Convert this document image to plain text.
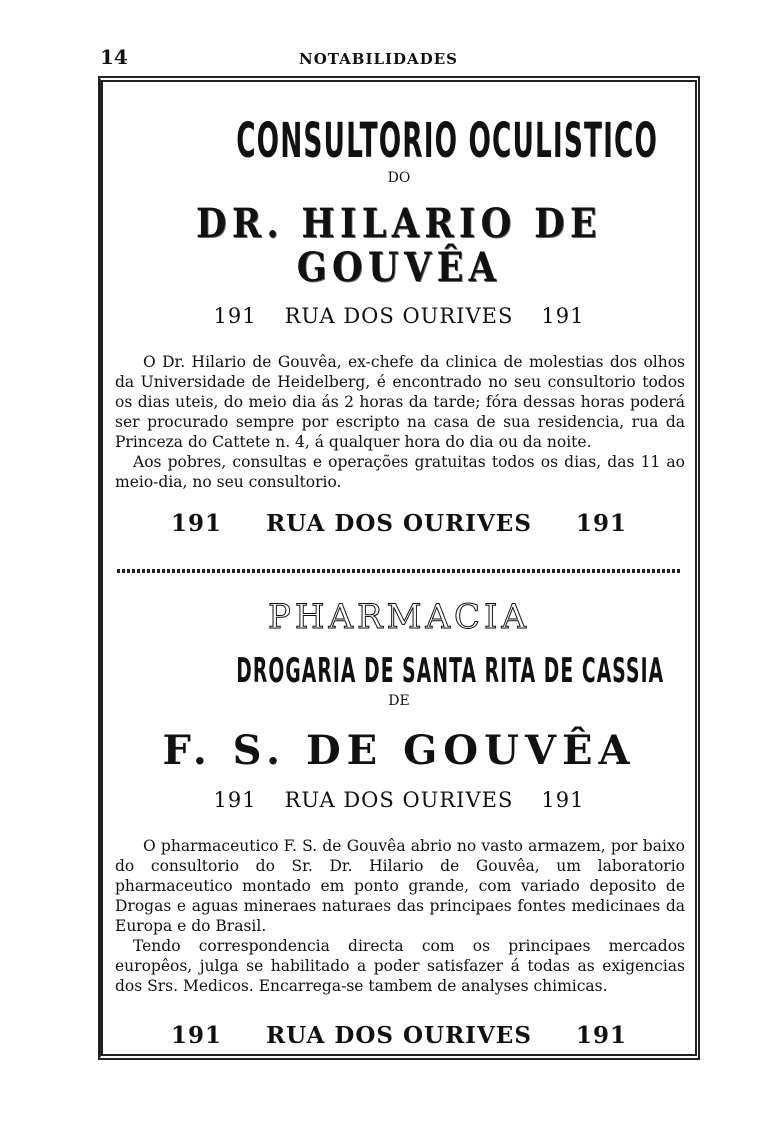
14	NOTABILIDADES
CONSULTORIO OCULISTICO
DO
DR. HILARIO DE GOUVÊA
191 RUA DOS OURIVES 191

O Dr. Hilario de Gouvêa, ex-chefe da clinica de molestias dos olhos da Universidade de Heidelberg, é encontrado no seu consultorio todos os dias uteis, do meio dia ás 2 horas da tarde; fóra dessas horas poderá ser procurado sempre por escripto na casa de sua residencia, rua da Princeza do Cattete n. 4, á qualquer hora do dia ou da noite.

Aos pobres, consultas e operações gratuitas todos os dias, das 11 ao meio-dia, no seu consultorio.

191 RUA DOS OURIVES 191
PHARMACIA
DROGARIA DE SANTA RITA DE CASSIA
DE
F. S. DE GOUVÊA
191 RUA DOS OURIVES 191

O pharmaceutico F. S. de Gouvêa abrio no vasto armazem, por baixo do consultorio do Sr. Dr. Hilario de Gouvêa, um laboratorio pharmaceutico montado em ponto grande, com variado deposito de Drogas e aguas mineraes naturaes das principaes fontes medicinaes da Europa e do Brasil.

Tendo correspondencia directa com os principaes mercados europêos, julga se habilitado a poder satisfazer á todas as exigencias dos Srs. Medicos. Encarrega-se tambem de analyses chimicas.

191 RUA DOS OURIVES 191
